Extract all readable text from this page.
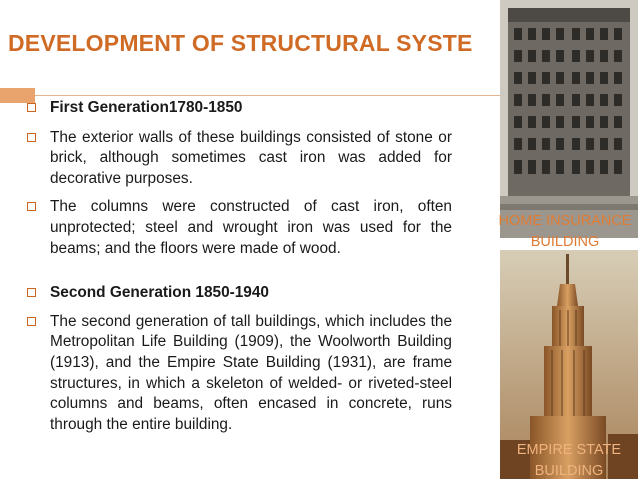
DEVELOPMENT OF STRUCTURAL SYSTE
HOME INSURANCE BUILDING
EMPIRE STATE BUILDING
First Generation1780-1850
The exterior walls of these buildings consisted of stone or brick, although sometimes cast iron was added for decorative purposes.
The columns were constructed of cast iron, often unprotected; steel and wrought iron was used for the beams; and the floors were made of wood.
Second Generation 1850-1940
The second generation of tall buildings, which includes the Metropolitan Life Building (1909), the Woolworth Building (1913), and the Empire State Building (1931), are frame structures, in which a skeleton of welded- or riveted-steel columns and beams, often encased in concrete, runs through the entire building.
